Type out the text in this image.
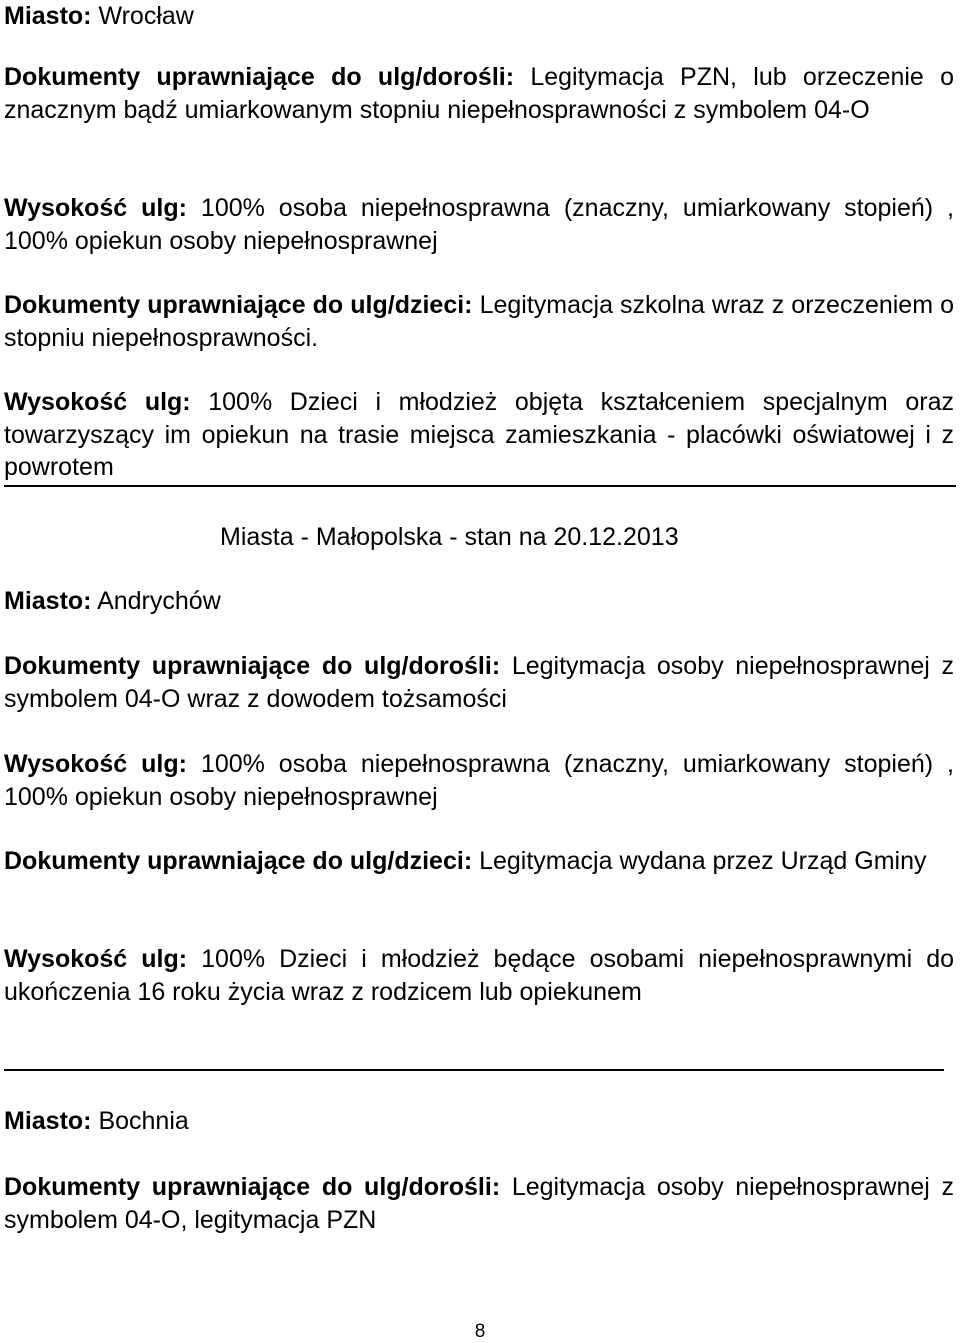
Miasto: Wrocław

Dokumenty uprawniające do ulg/dorośli: Legitymacja PZN, lub orzeczenie o znacznym bądź umiarkowanym stopniu niepełnosprawności z symbolem 04-O

Wysokość ulg: 100% osoba niepełnosprawna (znaczny, umiarkowany stopień) , 100% opiekun osoby niepełnosprawnej

Dokumenty uprawniające do ulg/dzieci: Legitymacja szkolna wraz z orzeczeniem o stopniu niepełnosprawności.

Wysokość ulg: 100% Dzieci i młodzież objęta kształceniem specjalnym oraz towarzyszący im opiekun na trasie miejsca zamieszkania - placówki oświatowej i z powrotem

Miasta - Małopolska - stan na 20.12.2013

Miasto: Andrychów

Dokumenty uprawniające do ulg/dorośli: Legitymacja osoby niepełnosprawnej z symbolem 04-O wraz z dowodem tożsamości

Wysokość ulg: 100% osoba niepełnosprawna (znaczny, umiarkowany stopień) , 100% opiekun osoby niepełnosprawnej

Dokumenty uprawniające do ulg/dzieci: Legitymacja wydana przez Urząd Gminy

Wysokość ulg: 100% Dzieci i młodzież będące osobami niepełnosprawnymi do ukończenia 16 roku życia wraz z rodzicem lub opiekunem

Miasto: Bochnia

Dokumenty uprawniające do ulg/dorośli: Legitymacja osoby niepełnosprawnej z symbolem 04-O, legitymacja PZN

8
